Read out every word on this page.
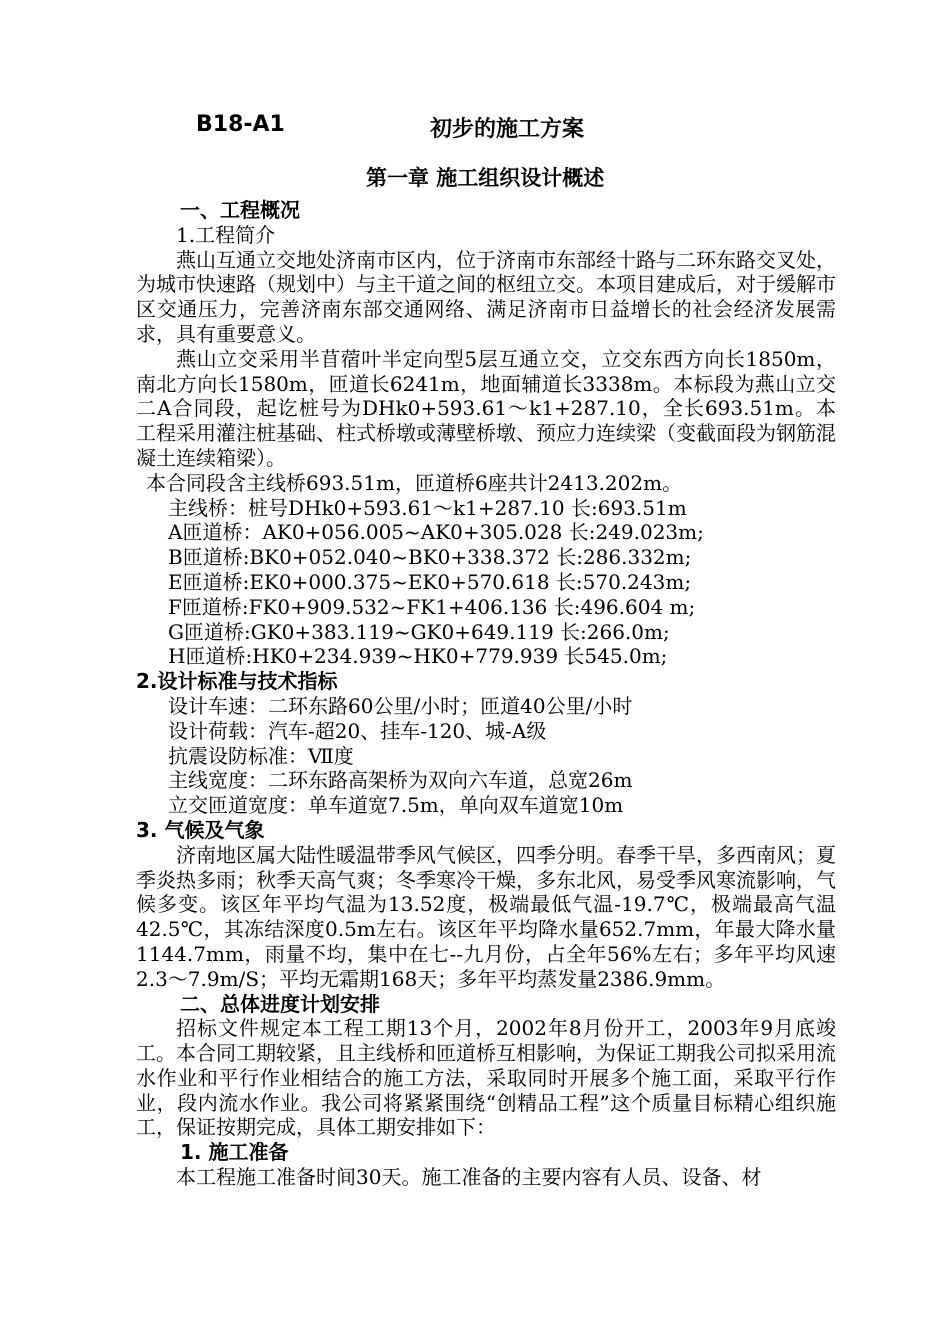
B18-A1	初步的施工方案
第一章 施工组织设计概述

一、工程概况

1.工程简介

燕山互通立交地处济南市区内，位于济南市东部经十路与二环东路交叉处，为城市快速路（规划中）与主干道之间的枢纽立交。本项目建成后，对于缓解市区交通压力，完善济南东部交通网络、满足济南市日益增长的社会经济发展需求，具有重要意义。

燕山立交采用半苜蓿叶半定向型5层互通立交，立交东西方向长1850m，南北方向长1580m，匝道长6241m，地面辅道长3338m。本标段为燕山立交二A合同段，起讫桩号为DHk0+593.61～k1+287.10，全长693.51m。本工程采用灌注桩基础、柱式桥墩或薄壁桥墩、预应力连续梁（变截面段为钢筋混凝土连续箱梁）。

本合同段含主线桥693.51m，匝道桥6座共计2413.202m。

主线桥：桩号DHk0+593.61～k1+287.10 长:693.51m

A匝道桥：AK0+056.005~AK0+305.028 长:249.023m;

B匝道桥:BK0+052.040~BK0+338.372 长:286.332m;

E匝道桥:EK0+000.375~EK0+570.618 长:570.243m;

F匝道桥:FK0+909.532~FK1+406.136 长:496.604 m;

G匝道桥:GK0+383.119~GK0+649.119 长:266.0m;

H匝道桥:HK0+234.939~HK0+779.939 长545.0m;

2.设计标准与技术指标

设计车速：二环东路60公里/小时；匝道40公里/小时

设计荷载：汽车-超20、挂车-120、城-A级

抗震设防标准：Ⅶ度

主线宽度：二环东路高架桥为双向六车道，总宽26m

立交匝道宽度：单车道宽7.5m，单向双车道宽10m

3. 气候及气象

济南地区属大陆性暖温带季风气候区，四季分明。春季干旱，多西南风；夏季炎热多雨；秋季天高气爽；冬季寒冷干燥，多东北风，易受季风寒流影响，气候多变。该区年平均气温为13.52度，极端最低气温-19.7℃，极端最高气温42.5℃，其冻结深度0.5m左右。该区年平均降水量652.7mm，年最大降水量1144.7mm，雨量不均，集中在七--九月份，占全年56%左右；多年平均风速2.3～7.9m/S；平均无霜期168天；多年平均蒸发量2386.9mm。

二、总体进度计划安排

招标文件规定本工程工期13个月，2002年8月份开工，2003年9月底竣工。本合同工期较紧，且主线桥和匝道桥互相影响，为保证工期我公司拟采用流水作业和平行作业相结合的施工方法，采取同时开展多个施工面，采取平行作业，段内流水作业。我公司将紧紧围绕“创精品工程”这个质量目标精心组织施工，保证按期完成，具体工期安排如下：

1. 施工准备

本工程施工准备时间30天。施工准备的主要内容有人员、设备、材
